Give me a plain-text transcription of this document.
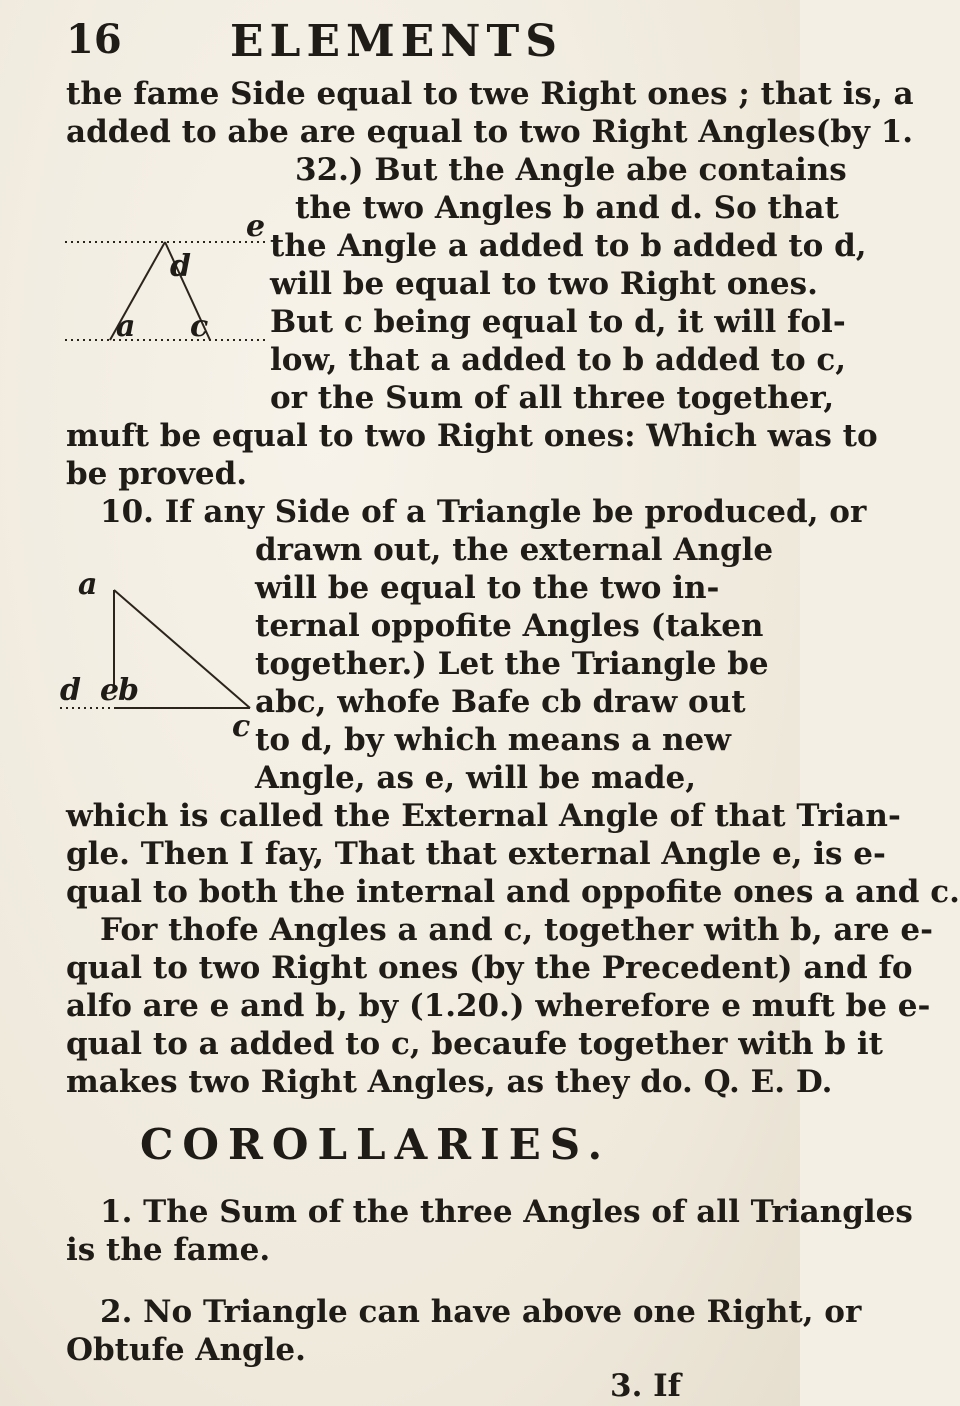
16 ELEMENTS
the fame Side equal to twe Right ones ; that is, a
added to abe are equal to two Right Angles(by 1.
32.) But the Angle abe contains
the two Angles b and d. So that
the Angle a added to b added to d,
will be equal to two Right ones.
But c being equal to d, it will fol-
low, that a added to b added to c,
or the Sum of all three together,
muft be equal to two Right ones: Which was to
be proved.
10. If any Side of a Triangle be produced, or
drawn out, the external Angle
will be equal to the two in-
ternal oppofite Angles (taken
together.) Let the Triangle be
abc, whofe Bafe cb draw out
to d, by which means a new
Angle, as e, will be made,
which is called the External Angle of that Trian-
gle. Then I fay, That that external Angle e, is e-
qual to both the internal and oppofite ones a and c.
For thofe Angles a and c, together with b, are e-
qual to two Right ones (by the Precedent) and fo
alfo are e and b, by (1.20.) wherefore e muft be e-
qual to a added to c, becaufe together with b it
makes two Right Angles, as they do. Q. E. D.
COROLLARIES.
1. The Sum of the three Angles of all Triangles
is the fame.
2. No Triangle can have above one Right, or
Obtufe Angle.
3. If
e
d
a c
a
d e
b
c
